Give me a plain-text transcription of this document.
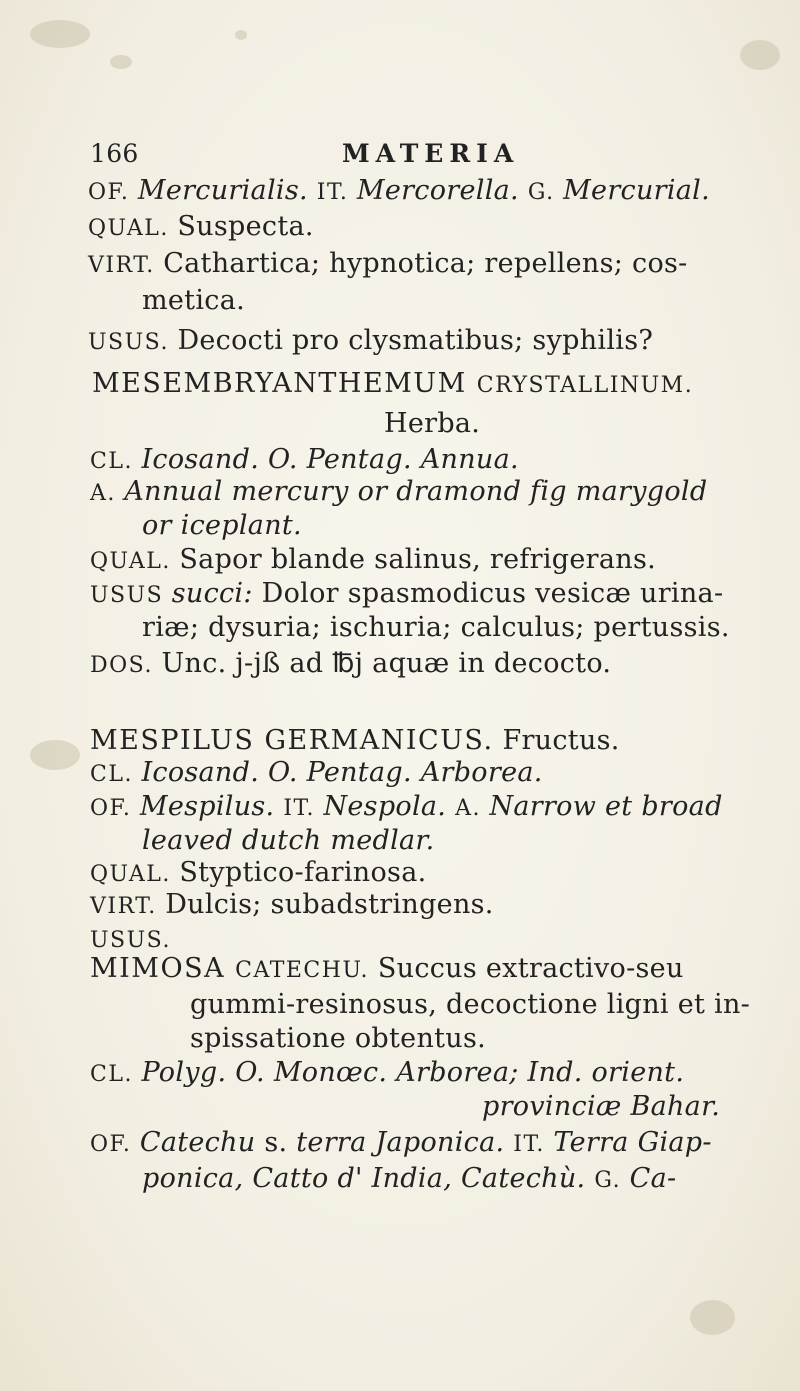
166	MATERIA
OF. Mercurialis. IT. Mercorella. G. Mercurial.
QUAL. Suspecta.
VIRT. Cathartica; hypnotica; repellens; cos-
metica.
USUS. Decocti pro clysmatibus; syphilis?
MESEMBRYANTHEMUM CRYSTALLINUM.
Herba.
CL. Icosand. O. Pentag. Annua.
A. Annual mercury or dramond fig marygold
or iceplant.
QUAL. Sapor blande salinus, refrigerans.
USUS succi: Dolor spasmodicus vesicæ urinа-
riæ; dysuria; ischuria; calculus; pertussis.
DOS. Unc. j-jß ad ℔j aquæ in decocto.
MESPILUS GERMANICUS. Fructus.
CL. Icosand. O. Pentag. Arborea.
OF. Mespilus. IT. Nespola. A. Narrow et broad
leaved dutch medlar.
QUAL. Styptico-farinosa.
VIRT. Dulcis; subadstringens.
USUS.
MIMOSA CATECHU. Succus extractivo-seu
gummi-resinosus, decoctione ligni et in-
spissatione obtentus.
CL. Polyg. O. Monœc. Arborea; Ind. orient.
provinciæ Bahar.
OF. Catechu s. terra Japonica. IT. Terra Giap-
ponica, Catto d' India, Catechù. G. Ca-
